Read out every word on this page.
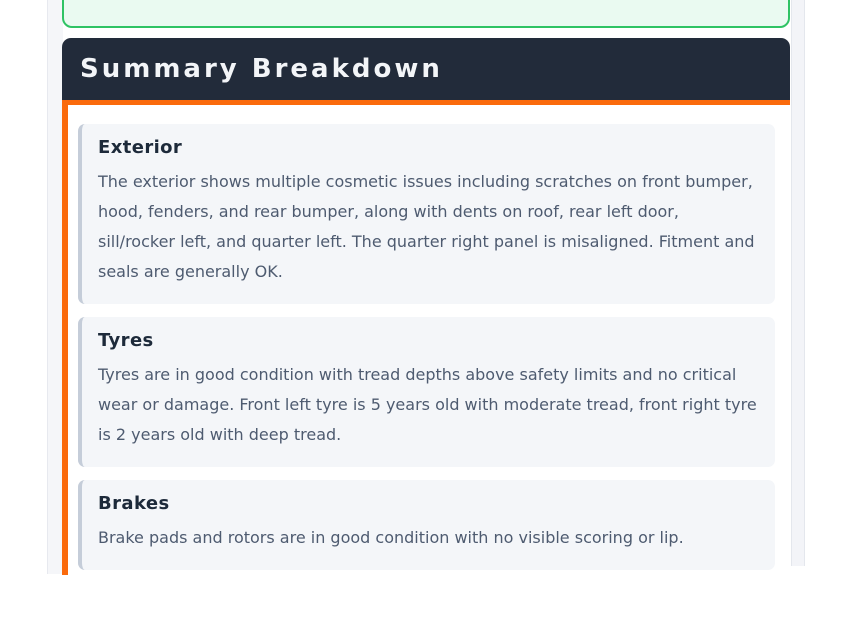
Summary Breakdown
Exterior

The exterior shows multiple cosmetic issues including scratches on front bumper, hood, fenders, and rear bumper, along with dents on roof, rear left door, sill/rocker left, and quarter left. The quarter right panel is misaligned. Fitment and seals are generally OK.

Tyres

Tyres are in good condition with tread depths above safety limits and no critical wear or damage. Front left tyre is 5 years old with moderate tread, front right tyre is 2 years old with deep tread.

Brakes

Brake pads and rotors are in good condition with no visible scoring or lip.
